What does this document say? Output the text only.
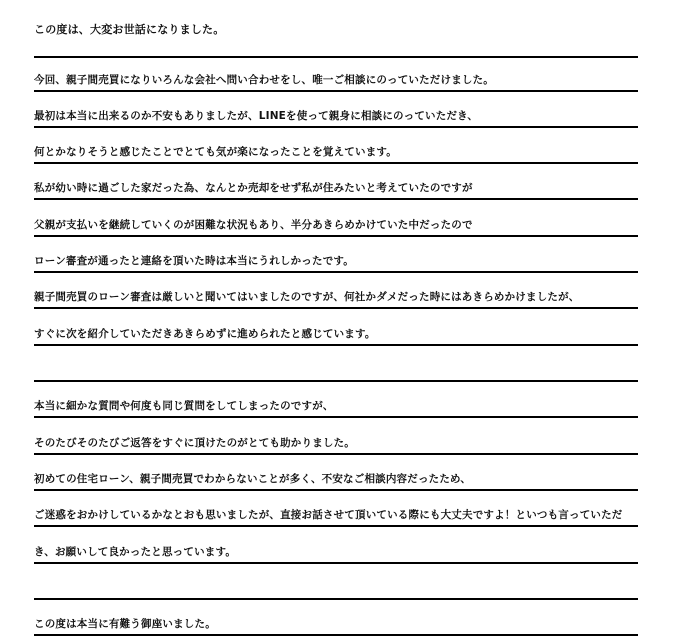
この度は、大変お世話になりました。
今回、親子間売買になりいろんな会社へ問い合わせをし、唯一ご相談にのっていただけました。
最初は本当に出来るのか不安もありましたが、LINEを使って親身に相談にのっていただき、
何とかなりそうと感じたことでとても気が楽になったことを覚えています。
私が幼い時に過ごした家だった為、なんとか売却をせず私が住みたいと考えていたのですが
父親が支払いを継続していくのが困難な状況もあり、半分あきらめかけていた中だったので
ローン審査が通ったと連絡を頂いた時は本当にうれしかったです。
親子間売買のローン審査は厳しいと聞いてはいましたのですが、何社かダメだった時にはあきらめかけましたが、
すぐに次を紹介していただきあきらめずに進められたと感じています。
本当に細かな質問や何度も同じ質問をしてしまったのですが、
そのたびそのたびご返答をすぐに頂けたのがとても助かりました。
初めての住宅ローン、親子間売買でわからないことが多く、不安なご相談内容だったため、
ご迷惑をおかけしているかなとおも思いましたが、直接お話させて頂いている際にも大丈夫ですよ！といつも言っていただ
き、お願いして良かったと思っています。
この度は本当に有難う御座いました。
